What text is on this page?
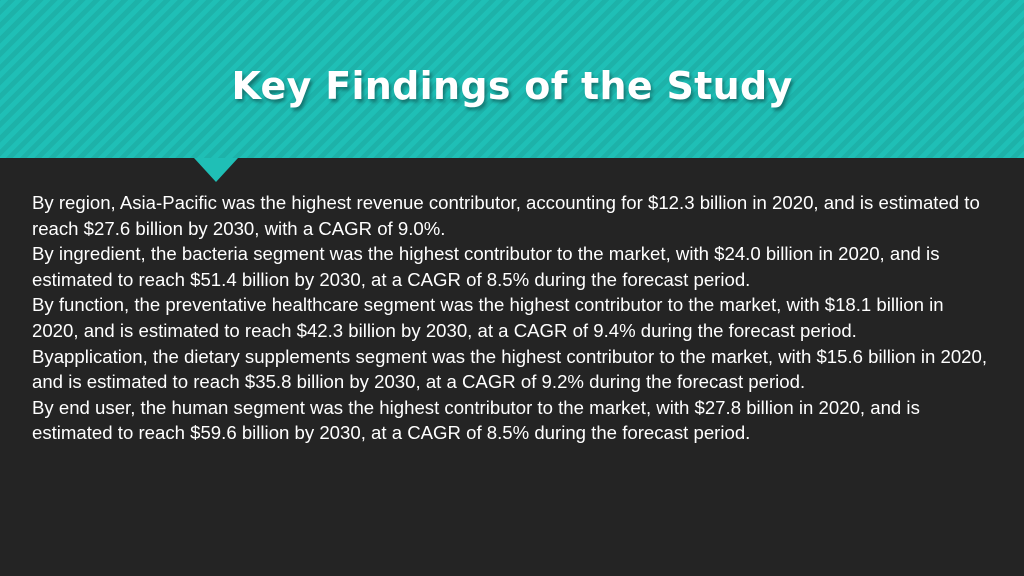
Key Findings of the Study

By region, Asia-Pacific was the highest revenue contributor, accounting for $12.3 billion in 2020, and is estimated to reach $27.6 billion by 2030, with a CAGR of 9.0%.

By ingredient, the bacteria segment was the highest contributor to the market, with $24.0 billion in 2020, and is estimated to reach $51.4 billion by 2030, at a CAGR of 8.5% during the forecast period.

By function, the preventative healthcare segment was the highest contributor to the market, with $18.1 billion in 2020, and is estimated to reach $42.3 billion by 2030, at a CAGR of 9.4% during the forecast period.

Byapplication, the dietary supplements segment was the highest contributor to the market, with $15.6 billion in 2020, and is estimated to reach $35.8 billion by 2030, at a CAGR of 9.2% during the forecast period.

By end user, the human segment was the highest contributor to the market, with $27.8 billion in 2020, and is estimated to reach $59.6 billion by 2030, at a CAGR of 8.5% during the forecast period.
